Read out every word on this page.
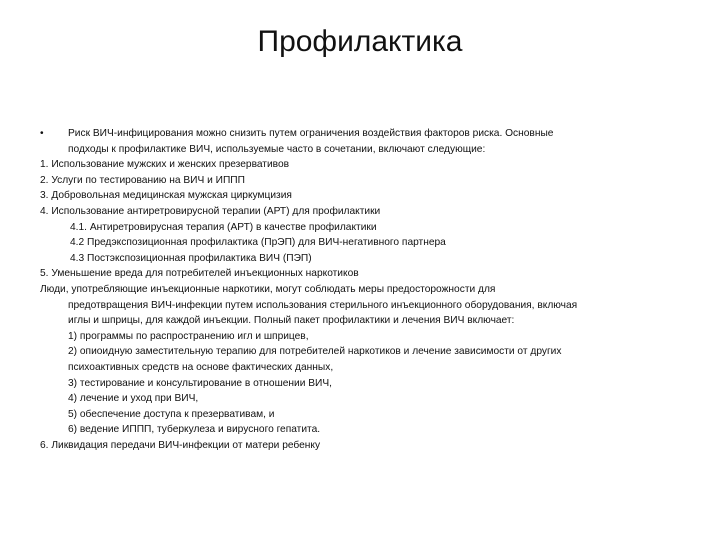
Профилактика
• Риск ВИЧ-инфицирования можно снизить путем ограничения воздействия факторов риска. Основные
подходы к профилактике ВИЧ, используемые часто в сочетании, включают следующие:
1. Использование мужских и женских презервативов
2. Услуги по тестированию на ВИЧ и ИППП
3. Добровольная медицинская мужская циркумцизия
4. Использование антиретровирусной терапии (АРТ) для профилактики
4.1. Антиретровирусная терапия (АРТ) в качестве профилактики
4.2 Предэкспозиционная профилактика (ПрЭП) для ВИЧ-негативного партнера
4.3 Постэкспозиционная профилактика ВИЧ (ПЭП)
5. Уменьшение вреда для потребителей инъекционных наркотиков
Люди, употребляющие инъекционные наркотики, могут соблюдать меры предосторожности для
предотвращения ВИЧ-инфекции путем использования стерильного инъекционного оборудования, включая
иглы и шприцы, для каждой инъекции. Полный пакет профилактики и лечения ВИЧ включает:
1) программы по распространению игл и шприцев,
2) опиоидную заместительную терапию для потребителей наркотиков и лечение зависимости от других
психоактивных средств на основе фактических данных,
3) тестирование и консультирование в отношении ВИЧ,
4) лечение и уход при ВИЧ,
5) обеспечение доступа к презервативам, и
6) ведение ИППП, туберкулеза и вирусного гепатита.
6. Ликвидация передачи ВИЧ-инфекции от матери ребенку
